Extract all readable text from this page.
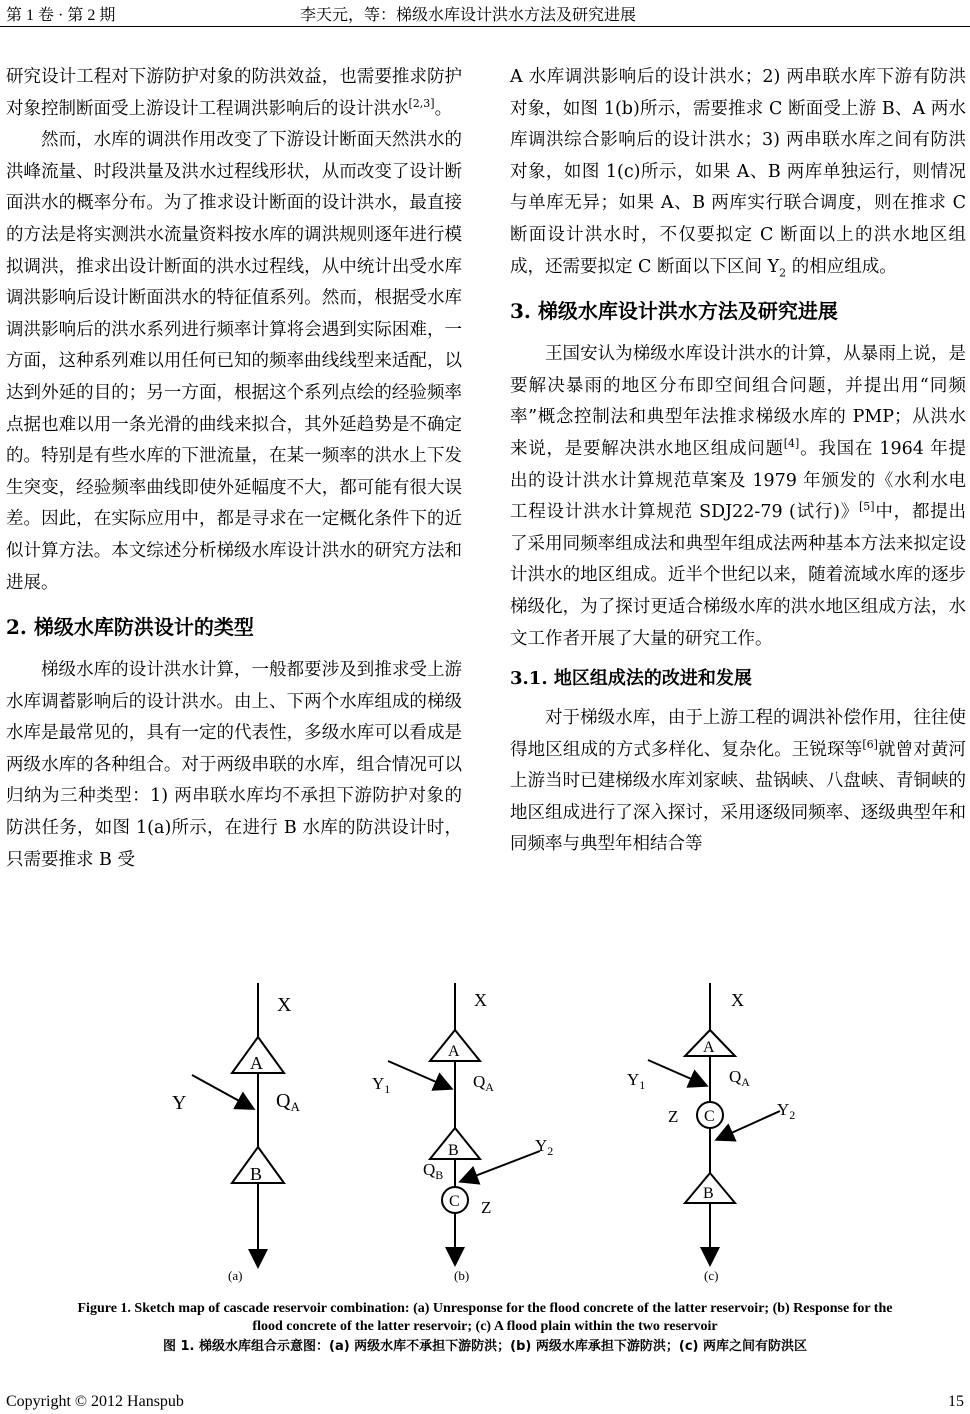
第 1 卷 · 第 2 期	李天元，等：梯级水库设计洪水方法及研究进展

研究设计工程对下游防护对象的防洪效益，也需要推求防护对象控制断面受上游设计工程调洪影响后的设计洪水[2,3]。

然而，水库的调洪作用改变了下游设计断面天然洪水的洪峰流量、时段洪量及洪水过程线形状，从而改变了设计断面洪水的概率分布。为了推求设计断面的设计洪水，最直接的方法是将实测洪水流量资料按水库的调洪规则逐年进行模拟调洪，推求出设计断面的洪水过程线，从中统计出受水库调洪影响后设计断面洪水的特征值系列。然而，根据受水库调洪影响后的洪水系列进行频率计算将会遇到实际困难，一方面，这种系列难以用任何已知的频率曲线线型来适配，以达到外延的目的；另一方面，根据这个系列点绘的经验频率点据也难以用一条光滑的曲线来拟合，其外延趋势是不确定的。特别是有些水库的下泄流量，在某一频率的洪水上下发生突变，经验频率曲线即使外延幅度不大，都可能有很大误差。因此，在实际应用中，都是寻求在一定概化条件下的近似计算方法。本文综述分析梯级水库设计洪水的研究方法和进展。

2. 梯级水库防洪设计的类型

梯级水库的设计洪水计算，一般都要涉及到推求受上游水库调蓄影响后的设计洪水。由上、下两个水库组成的梯级水库是最常见的，具有一定的代表性，多级水库可以看成是两级水库的各种组合。对于两级串联的水库，组合情况可以归纳为三种类型：1) 两串联水库均不承担下游防护对象的防洪任务，如图 1(a)所示，在进行 B 水库的防洪设计时，只需要推求 B 受

A 水库调洪影响后的设计洪水；2) 两串联水库下游有防洪对象，如图 1(b)所示，需要推求 C 断面受上游 B、A 两水库调洪综合影响后的设计洪水；3) 两串联水库之间有防洪对象，如图 1(c)所示，如果 A、B 两库单独运行，则情况与单库无异；如果 A、B 两库实行联合调度，则在推求 C 断面设计洪水时，不仅要拟定 C 断面以上的洪水地区组成，还需要拟定 C 断面以下区间 $Y_2$ 的相应组成。

3. 梯级水库设计洪水方法及研究进展

王国安认为梯级水库设计洪水的计算，从暴雨上说，是要解决暴雨的地区分布即空间组合问题，并提出用“同频率”概念控制法和典型年法推求梯级水库的 PMP；从洪水来说，是要解决洪水地区组成问题[4]。我国在 1964 年提出的设计洪水计算规范草案及 1979 年颁发的《水利水电工程设计洪水计算规范 SDJ22-79 (试行)》[5]中，都提出了采用同频率组成法和典型年组成法两种基本方法来拟定设计洪水的地区组成。近半个世纪以来，随着流域水库的逐步梯级化，为了探讨更适合梯级水库的洪水地区组成方法，水文工作者开展了大量的研究工作。

3.1. 地区组成法的改进和发展

对于梯级水库，由于上游工程的调洪补偿作用，往往使得地区组成的方式多样化、复杂化。王锐琛等[6]就曾对黄河上游当时已建梯级水库刘家峡、盐锅峡、八盘峡、青铜峡的地区组成进行了深入探讨，采用逐级同频率、逐级典型年和同频率与典型年相结合等

X
A
Y	$Q_A$
B
(a)
X
A
$Y_1$	$Q_A$
B	$Y_2$
$Q_B$
C Z
(b)
X
A
$Y_1$	$Q_A$
C
Z	$Y_2$
B
(c)
Figure 1. Sketch map of cascade reservoir combination: (a) Unresponse for the flood concrete of the latter reservoir; (b) Response for the
flood concrete of the latter reservoir; (c) A flood plain within the two reservoir
图 1. 梯级水库组合示意图：(a) 两级水库不承担下游防洪；(b) 两级水库承担下游防洪；(c) 两库之间有防洪区
Copyright © 2012 Hanspub	15
